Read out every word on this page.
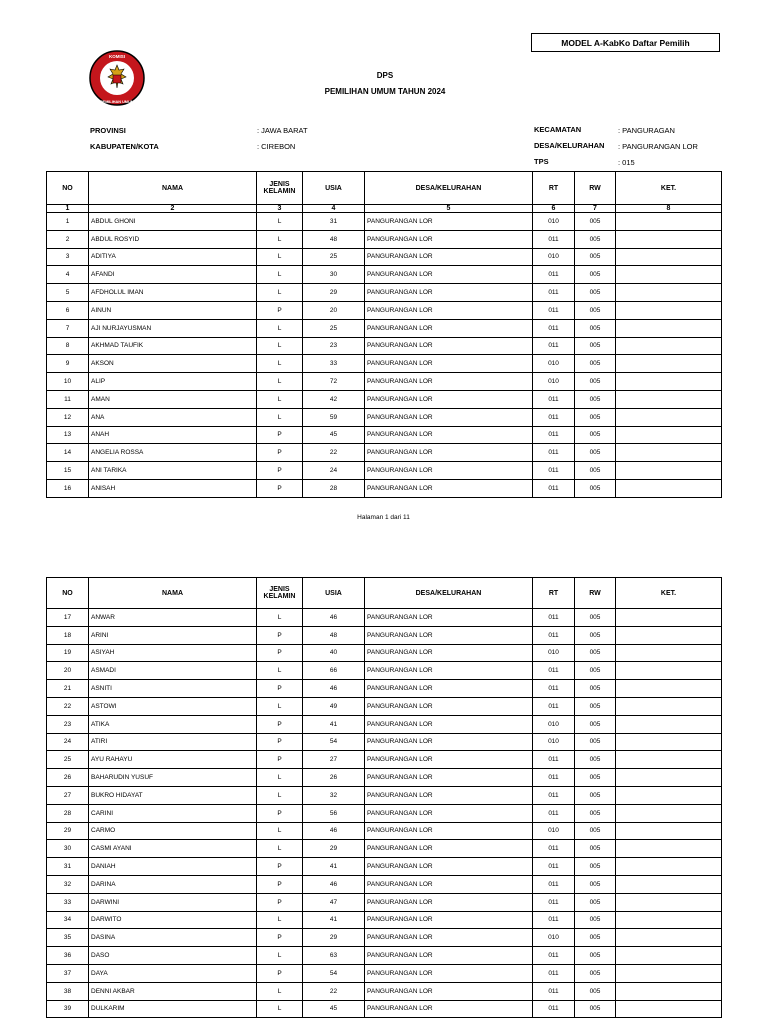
MODEL A-KabKo Daftar Pemilih
KOMISI
PEMILIHAN UMUM
DPS
PEMILIHAN UMUM TAHUN 2024
PROVINSI	: JAWA BARAT
KABUPATEN/KOTA	: CIREBON
KECAMATAN	: PANGURAGAN
DESA/KELURAHAN : PANGURANGAN LOR
TPS	: 015
NO	NAMA	JENIS
KELAMIN	USIA	DESA/KELURAHAN	RT	RW	KET.
1	2	3	4	5	6	7	8
1	ABDUL GHONI	L	31	PANGURANGAN LOR	010	005	
2	ABDUL ROSYID	L	48	PANGURANGAN LOR	011	005	
3	ADITIYA	L	25	PANGURANGAN LOR	010	005	
4	AFANDI	L	30	PANGURANGAN LOR	011	005	
5	AFDHOLUL IMAN	L	29	PANGURANGAN LOR	011	005	
6	AINUN	P	20	PANGURANGAN LOR	011	005	
7	AJI NURJAYUSMAN	L	25	PANGURANGAN LOR	011	005	
8	AKHMAD TAUFIK	L	23	PANGURANGAN LOR	011	005	
9	AKSON	L	33	PANGURANGAN LOR	010	005	
10	ALIP	L	72	PANGURANGAN LOR	010	005	
11	AMAN	L	42	PANGURANGAN LOR	011	005	
12	ANA	L	59	PANGURANGAN LOR	011	005	
13	ANAH	P	45	PANGURANGAN LOR	011	005	
14	ANGELIA ROSSA	P	22	PANGURANGAN LOR	011	005	
15	ANI TARIKA	P	24	PANGURANGAN LOR	011	005	
16	ANISAH	P	28	PANGURANGAN LOR	011	005	
Halaman 1 dari 11
NO	NAMA	JENIS
KELAMIN	USIA	DESA/KELURAHAN	RT	RW	KET.
17	ANWAR	L	46	PANGURANGAN LOR	011	005	
18	ARINI	P	48	PANGURANGAN LOR	011	005	
19	ASIYAH	P	40	PANGURANGAN LOR	010	005	
20	ASMADI	L	66	PANGURANGAN LOR	011	005	
21	ASNITI	P	46	PANGURANGAN LOR	011	005	
22	ASTOWI	L	49	PANGURANGAN LOR	011	005	
23	ATIKA	P	41	PANGURANGAN LOR	010	005	
24	ATIRI	P	54	PANGURANGAN LOR	010	005	
25	AYU RAHAYU	P	27	PANGURANGAN LOR	011	005	
26	BAHARUDIN YUSUF	L	26	PANGURANGAN LOR	011	005	
27	BUKRO HIDAYAT	L	32	PANGURANGAN LOR	011	005	
28	CARINI	P	56	PANGURANGAN LOR	011	005	
29	CARMO	L	46	PANGURANGAN LOR	010	005	
30	CASMI AYANI	L	29	PANGURANGAN LOR	011	005	
31	DANIAH	P	41	PANGURANGAN LOR	011	005	
32	DARINA	P	46	PANGURANGAN LOR	011	005	
33	DARWINI	P	47	PANGURANGAN LOR	011	005	
34	DARWITO	L	41	PANGURANGAN LOR	011	005	
35	DASINA	P	29	PANGURANGAN LOR	010	005	
36	DASO	L	63	PANGURANGAN LOR	011	005	
37	DAYA	P	54	PANGURANGAN LOR	011	005	
38	DENNI AKBAR	L	22	PANGURANGAN LOR	011	005	
39	DULKARIM	L	45	PANGURANGAN LOR	011	005	
